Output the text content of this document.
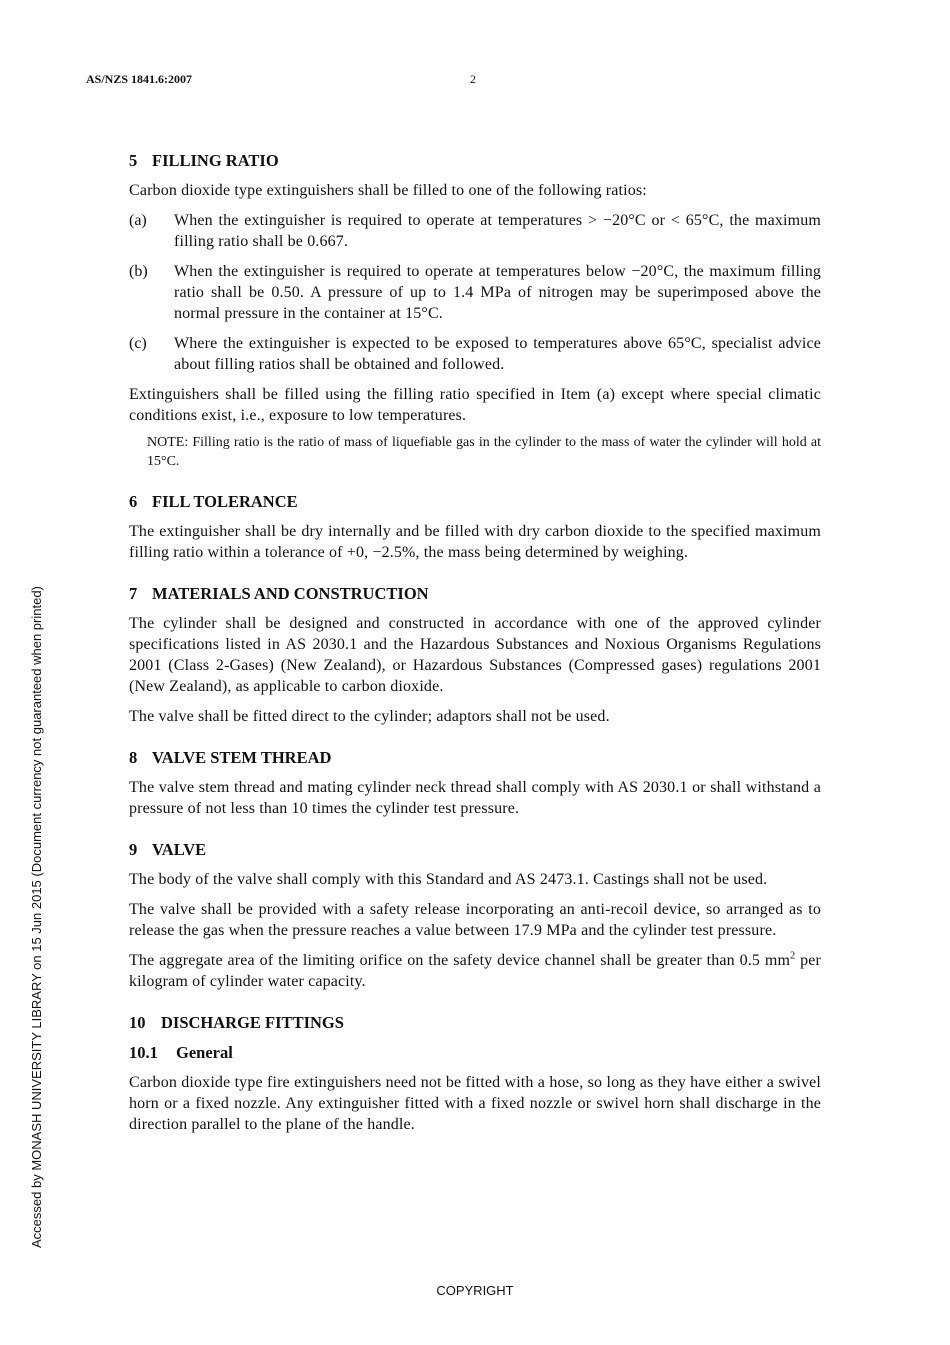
AS/NZS 1841.6:2007	2
Accessed by MONASH UNIVERSITY LIBRARY on 15 Jun 2015 (Document currency not guaranteed when printed)
5 FILLING RATIO

Carbon dioxide type extinguishers shall be filled to one of the following ratios:

(a)	When the extinguisher is required to operate at temperatures > −20°C or < 65°C, the maximum filling ratio shall be 0.667.
(b)	When the extinguisher is required to operate at temperatures below −20°C, the maximum filling ratio shall be 0.50. A pressure of up to 1.4 MPa of nitrogen may be superimposed above the normal pressure in the container at 15°C.
(c)	Where the extinguisher is expected to be exposed to temperatures above 65°C, specialist advice about filling ratios shall be obtained and followed.

Extinguishers shall be filled using the filling ratio specified in Item (a) except where special climatic conditions exist, i.e., exposure to low temperatures.

NOTE: Filling ratio is the ratio of mass of liquefiable gas in the cylinder to the mass of water the cylinder will hold at 15°C.

6 FILL TOLERANCE

The extinguisher shall be dry internally and be filled with dry carbon dioxide to the specified maximum filling ratio within a tolerance of +0, −2.5%, the mass being determined by weighing.

7 MATERIALS AND CONSTRUCTION

The cylinder shall be designed and constructed in accordance with one of the approved cylinder specifications listed in AS 2030.1 and the Hazardous Substances and Noxious Organisms Regulations 2001 (Class 2-Gases) (New Zealand), or Hazardous Substances (Compressed gases) regulations 2001 (New Zealand), as applicable to carbon dioxide.

The valve shall be fitted direct to the cylinder; adaptors shall not be used.

8 VALVE STEM THREAD

The valve stem thread and mating cylinder neck thread shall comply with AS 2030.1 or shall withstand a pressure of not less than 10 times the cylinder test pressure.

9 VALVE

The body of the valve shall comply with this Standard and AS 2473.1. Castings shall not be used.

The valve shall be provided with a safety release incorporating an anti-recoil device, so arranged as to release the gas when the pressure reaches a value between 17.9 MPa and the cylinder test pressure.

The aggregate area of the limiting orifice on the safety device channel shall be greater than 0.5 $mm^2$ per kilogram of cylinder water capacity.

10 DISCHARGE FITTINGS
10.1 General

Carbon dioxide type fire extinguishers need not be fitted with a hose, so long as they have either a swivel horn or a fixed nozzle. Any extinguisher fitted with a fixed nozzle or swivel horn shall discharge in the direction parallel to the plane of the handle.

COPYRIGHT
